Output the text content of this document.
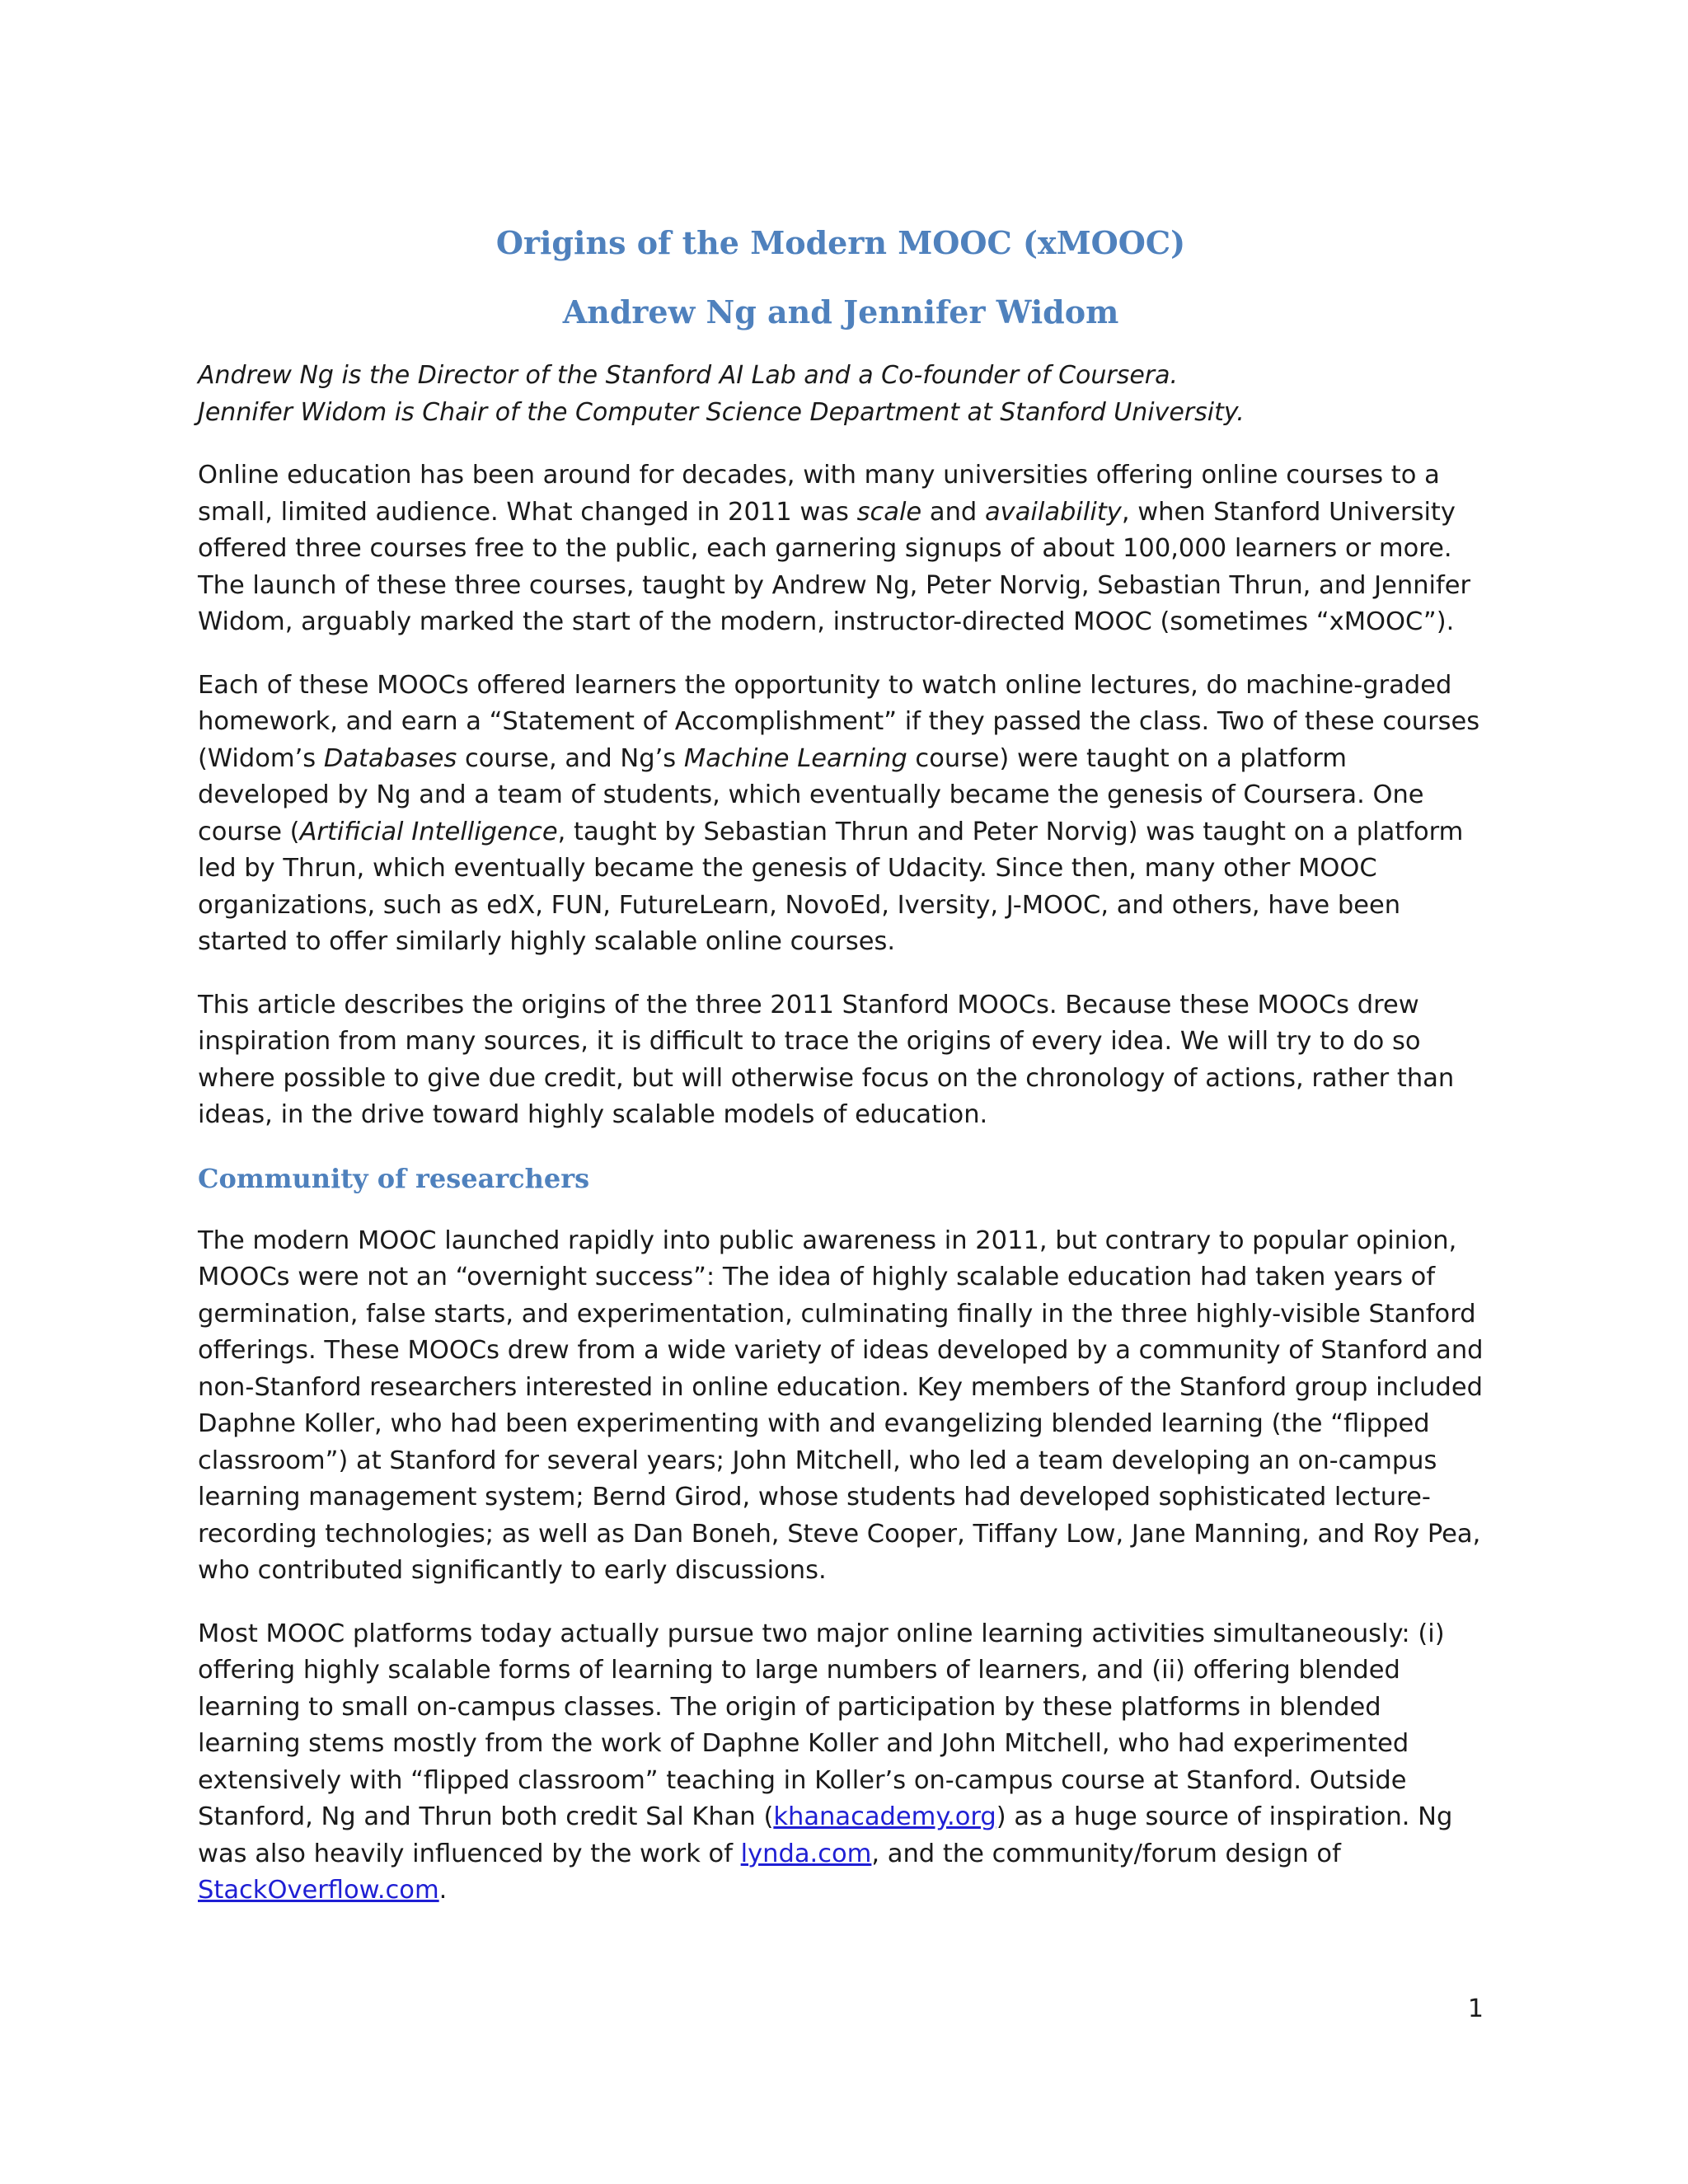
Origins of the Modern MOOC (xMOOC)
Andrew Ng and Jennifer Widom
Andrew Ng is the Director of the Stanford AI Lab and a Co-founder of Coursera.
Jennifer Widom is Chair of the Computer Science Department at Stanford University.

Online education has been around for decades, with many universities offering online courses to a small, limited audience. What changed in 2011 was scale and availability, when Stanford University offered three courses free to the public, each garnering signups of about 100,000 learners or more. The launch of these three courses, taught by Andrew Ng, Peter Norvig, Sebastian Thrun, and Jennifer Widom, arguably marked the start of the modern, instructor-directed MOOC (sometimes “xMOOC”).

Each of these MOOCs offered learners the opportunity to watch online lectures, do machine-graded homework, and earn a “Statement of Accomplishment” if they passed the class. Two of these courses (Widom’s Databases course, and Ng’s Machine Learning course) were taught on a platform developed by Ng and a team of students, which eventually became the genesis of Coursera. One course (Artificial Intelligence, taught by Sebastian Thrun and Peter Norvig) was taught on a platform led by Thrun, which eventually became the genesis of Udacity. Since then, many other MOOC organizations, such as edX, FUN, FutureLearn, NovoEd, Iversity, J-MOOC, and others, have been started to offer similarly highly scalable online courses.

This article describes the origins of the three 2011 Stanford MOOCs. Because these MOOCs drew inspiration from many sources, it is difficult to trace the origins of every idea. We will try to do so where possible to give due credit, but will otherwise focus on the chronology of actions, rather than ideas, in the drive toward highly scalable models of education.

Community of researchers

The modern MOOC launched rapidly into public awareness in 2011, but contrary to popular opinion, MOOCs were not an “overnight success”: The idea of highly scalable education had taken years of germination, false starts, and experimentation, culminating finally in the three highly-visible Stanford offerings. These MOOCs drew from a wide variety of ideas developed by a community of Stanford and non-Stanford researchers interested in online education. Key members of the Stanford group included Daphne Koller, who had been experimenting with and evangelizing blended learning (the “flipped classroom”) at Stanford for several years; John Mitchell, who led a team developing an on-campus learning management system; Bernd Girod, whose students had developed sophisticated lecture-recording technologies; as well as Dan Boneh, Steve Cooper, Tiffany Low, Jane Manning, and Roy Pea, who contributed significantly to early discussions.

Most MOOC platforms today actually pursue two major online learning activities simultaneously: (i) offering highly scalable forms of learning to large numbers of learners, and (ii) offering blended learning to small on-campus classes. The origin of participation by these platforms in blended learning stems mostly from the work of Daphne Koller and John Mitchell, who had experimented extensively with “flipped classroom” teaching in Koller’s on-campus course at Stanford. Outside Stanford, Ng and Thrun both credit Sal Khan (khanacademy.org) as a huge source of inspiration. Ng was also heavily influenced by the work of lynda.com, and the community/forum design of StackOverflow.com.

1
